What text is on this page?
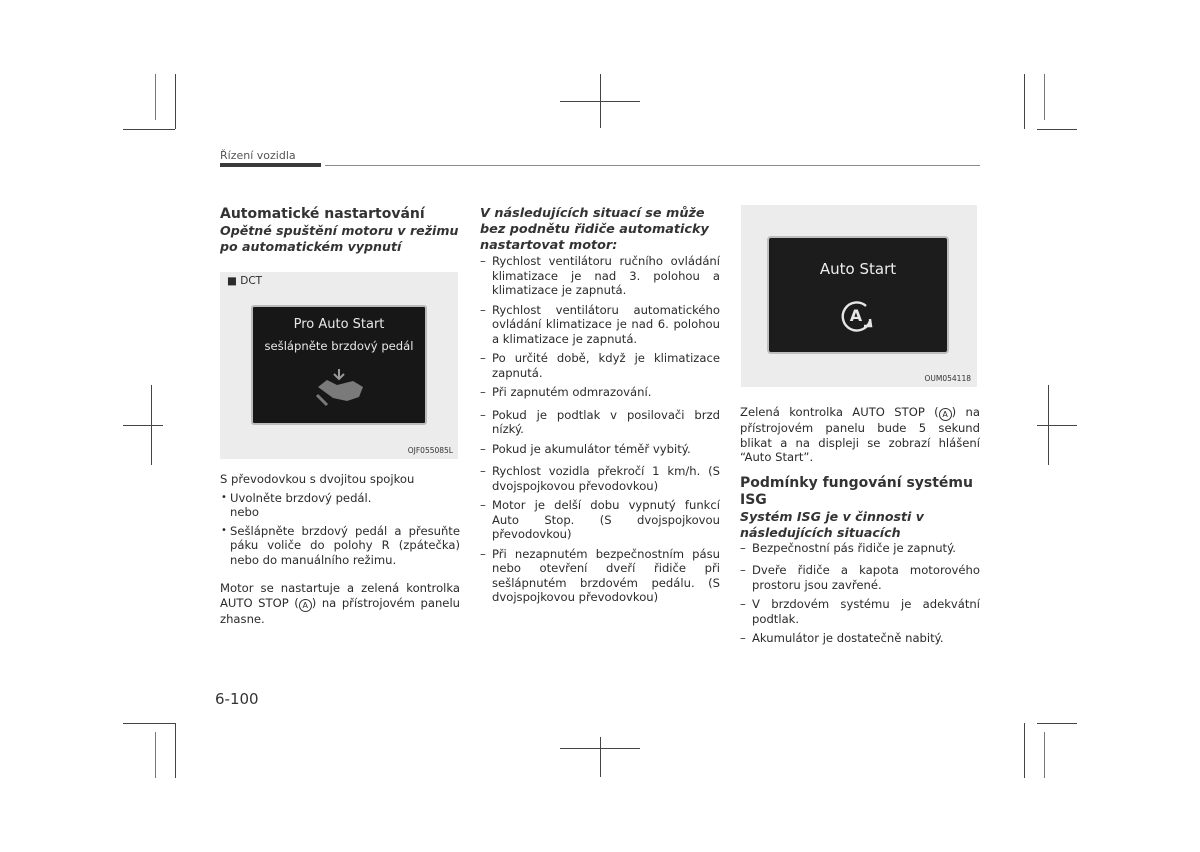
Řízení vozidla
Automatické nastartování
Opětné spuštění motoru v režimu po automatickém vypnutí
■ DCT
Pro Auto Start
sešlápněte brzdový pedál
OJF055085L

S převodovkou s dvojitou spojkou

• Uvolněte brzdový pedál.
nebo
• Sešlápněte brzdový pedál a přesuňte páku voliče do polohy R (zpátečka) nebo do manuálního režimu.

Motor se nastartuje a zelená kontrolka AUTO STOP ( A ) na přístrojovém panelu zhasne.

V následujících situací se může bez podnětu řidiče automaticky nastartovat motor:
– Rychlost ventilátoru ručního ovládání klimatizace je nad 3. polohou a klimatizace je zapnutá.
– Rychlost ventilátoru automatického ovládání klimatizace je nad 6. polohou a klimatizace je zapnutá.
– Po určité době, když je klimatizace zapnutá.
– Při zapnutém odmrazování.
– Pokud je podtlak v posilovači brzd nízký.
– Pokud je akumulátor téměř vybitý.
– Rychlost vozidla překročí 1 km/h. (S dvojspojkovou převodovkou)
– Motor je delší dobu vypnutý funkcí Auto Stop. (S dvojspojkovou převodovkou)
– Při nezapnutém bezpečnostním pásu nebo otevření dveří řidiče při sešlápnutém brzdovém pedálu. (S dvojspojkovou převodovkou)
Auto Start
A
OUM054118

Zelená kontrolka AUTO STOP ( A ) na přístrojovém panelu bude 5 sekund blikat a na displeji se zobrazí hlášení “Auto Start”.

Podmínky fungování systému ISG
Systém ISG je v činnosti v následujících situacích
– Bezpečnostní pás řidiče je zapnutý.
– Dveře řidiče a kapota motorového prostoru jsou zavřené.
– V brzdovém systému je adekvátní podtlak.
– Akumulátor je dostatečně nabitý.
6-100
